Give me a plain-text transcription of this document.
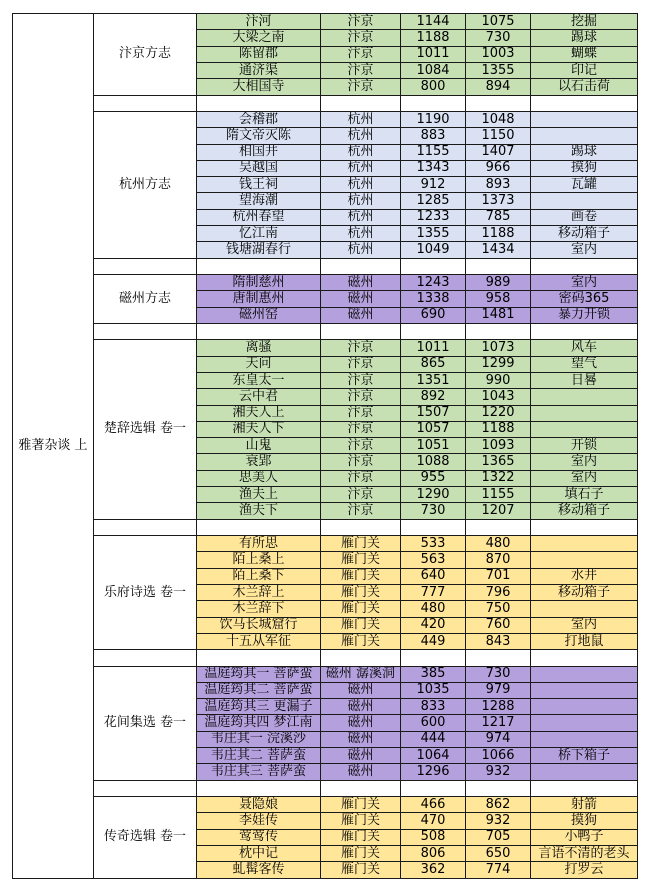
雅著杂谈 上	汴京方志	汴河	汴京	1144	1075	挖掘
		大梁之南	汴京	1188	730	踢球
		陈留郡	汴京	1011	1003	蝴蝶
		通济渠	汴京	1084	1355	印记
		大相国寺	汴京	800	894	以石击荷

	杭州方志	会稽郡	杭州	1190	1048	
		隋文帝灭陈	杭州	883	1150	
		相国井	杭州	1155	1407	踢球
		吴越国	杭州	1343	966	摸狗
		钱王祠	杭州	912	893	瓦罐
		望海潮	杭州	1285	1373	
		杭州春望	杭州	1233	785	画卷
		忆江南	杭州	1355	1188	移动箱子
		钱塘湖春行	杭州	1049	1434	室内

	磁州方志	隋制慈州	磁州	1243	989	室内
		唐制惠州	磁州	1338	958	密码365
		磁州窑	磁州	690	1481	暴力开锁

	楚辞选辑 卷一	离骚	汴京	1011	1073	风车
		天问	汴京	865	1299	望气
		东皇太一	汴京	1351	990	日晷
		云中君	汴京	892	1043	
		湘夫人上	汴京	1507	1220	
		湘夫人下	汴京	1057	1188	
		山鬼	汴京	1051	1093	开锁
		衰郢	汴京	1088	1365	室内
		思美人	汴京	955	1322	室内
		渔夫上	汴京	1290	1155	填石子
		渔夫下	汴京	730	1207	移动箱子

	乐府诗选 卷一	有所思	雁门关	533	480	
		陌上桑上	雁门关	563	870	
		陌上桑下	雁门关	640	701	水井
		木兰辞上	雁门关	777	796	移动箱子
		木兰辞下	雁门关	480	750	
		饮马长城窟行	雁门关	420	760	室内
		十五从军征	雁门关	449	843	打地鼠

	花间集选 卷一	温庭筠其一 菩萨蛮	磁州 潺溪洞	385	730	
		温庭筠其二 菩萨蛮	磁州	1035	979	
		温庭筠其三 更漏子	磁州	833	1288	
		温庭筠其四 梦江南	磁州	600	1217	
		韦庄其一 浣溪沙	磁州	444	974	
		韦庄其二 菩萨蛮	磁州	1064	1066	桥下箱子
		韦庄其三 菩萨蛮	磁州	1296	932	

	传奇选辑 卷一	聂隐娘	雁门关	466	862	射箭
		李娃传	雁门关	470	932	摸狗
		莺莺传	雁门关	508	705	小鸭子
		枕中记	雁门关	806	650	言语不清的老头
		虬髯客传	雁门关	362	774	打罗云
